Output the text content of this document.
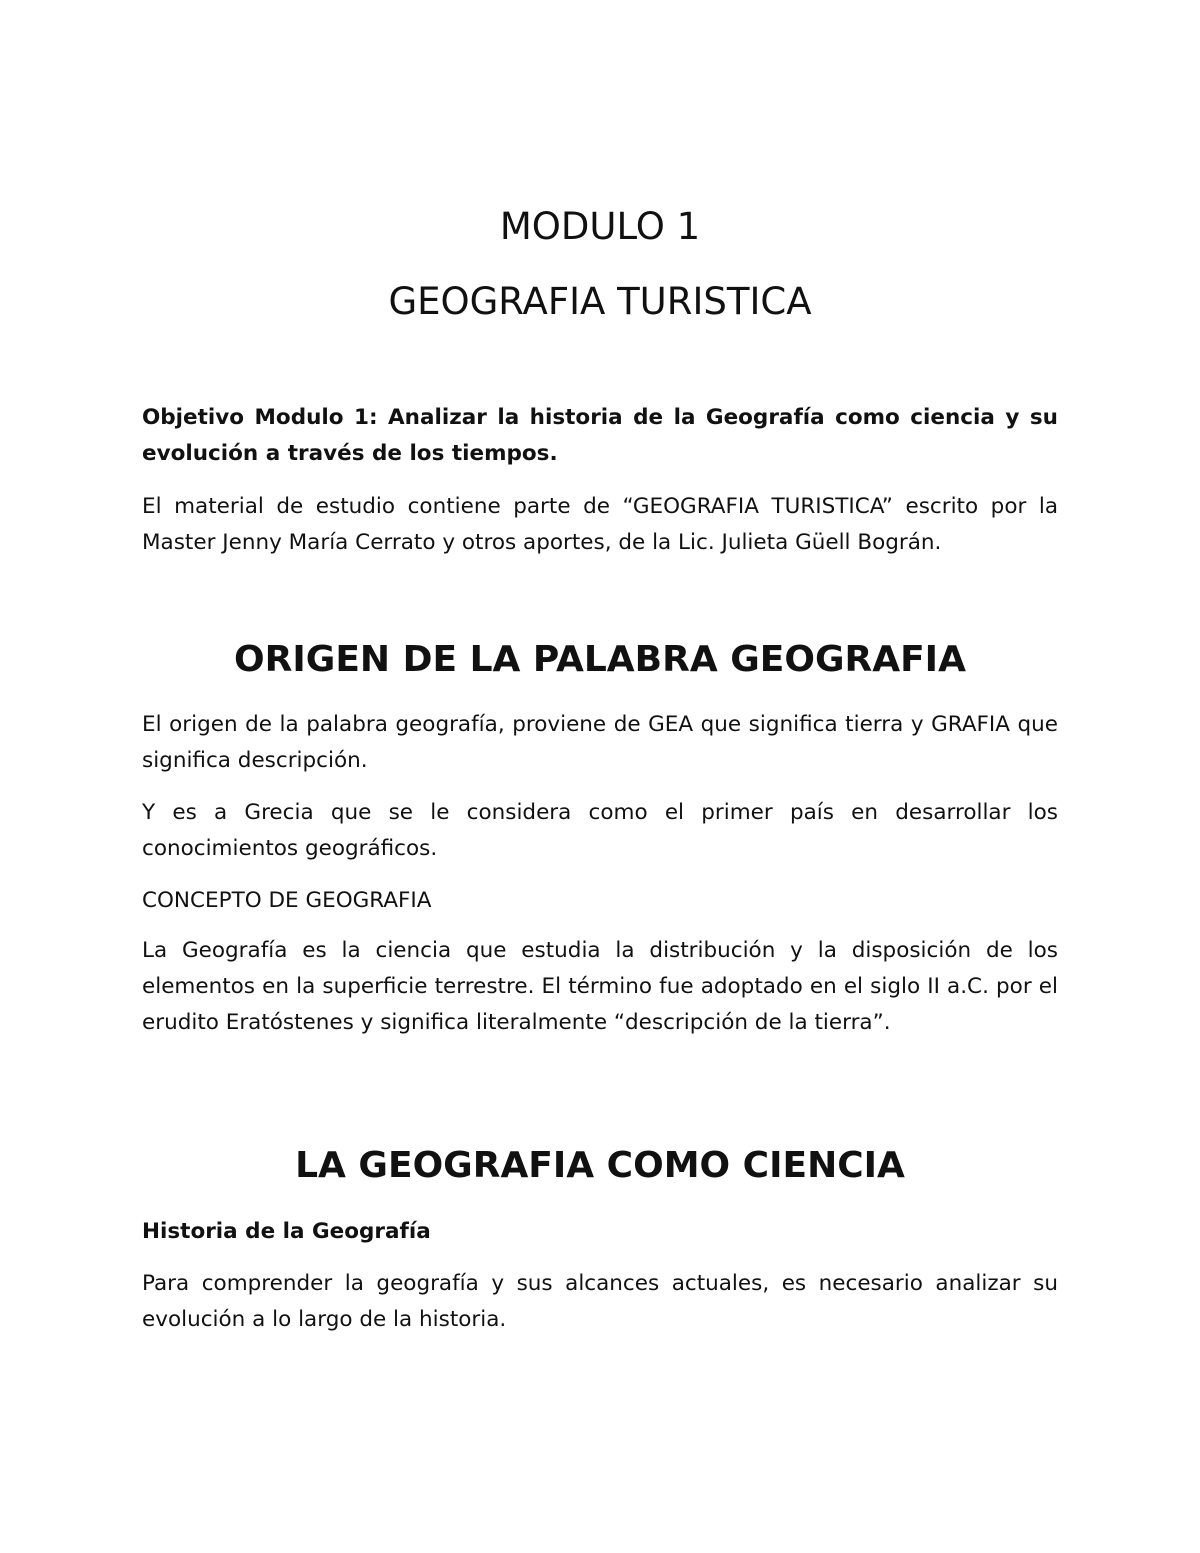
MODULO 1
GEOGRAFIA TURISTICA

Objetivo Modulo 1: Analizar la historia de la Geografía como ciencia y su evolución a través de los tiempos.

El material de estudio contiene parte de “GEOGRAFIA TURISTICA” escrito por la Master Jenny María Cerrato y otros aportes, de la Lic. Julieta Güell Bográn.

ORIGEN DE LA PALABRA GEOGRAFIA

El origen de la palabra geografía, proviene de GEA que significa tierra y GRAFIA que significa descripción.

Y es a Grecia que se le considera como el primer país en desarrollar los conocimientos geográficos.

CONCEPTO DE GEOGRAFIA

La Geografía es la ciencia que estudia la distribución y la disposición de los elementos en la superficie terrestre. El término fue adoptado en el siglo II a.C. por el erudito Eratóstenes y significa literalmente “descripción de la tierra”.

LA GEOGRAFIA COMO CIENCIA

Historia de la Geografía

Para comprender la geografía y sus alcances actuales, es necesario analizar su evolución a lo largo de la historia.
